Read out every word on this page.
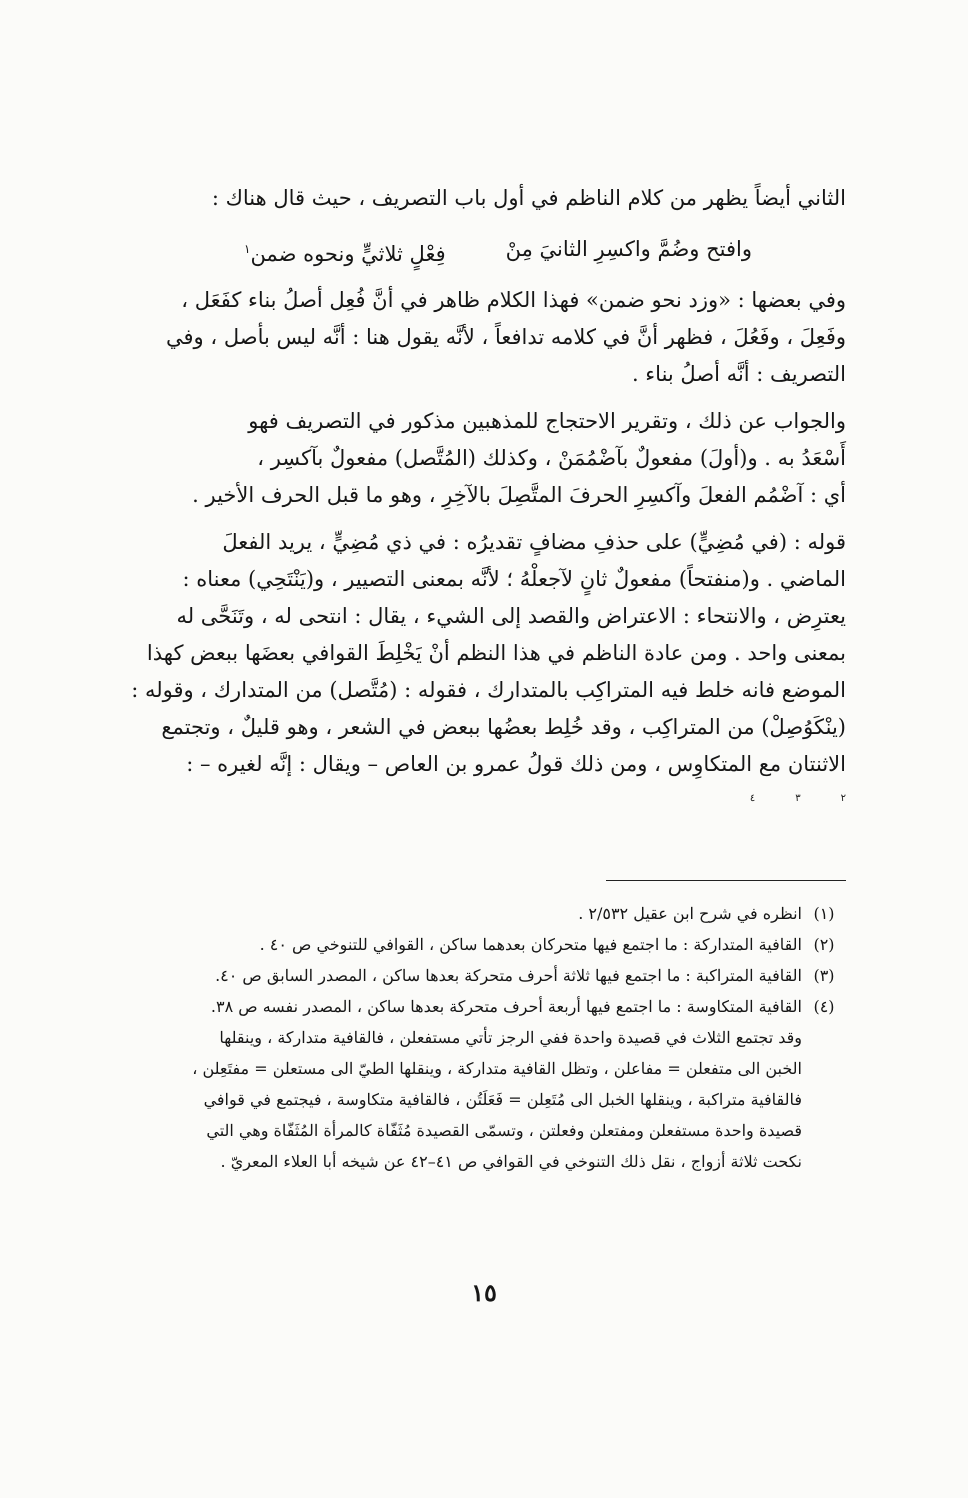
الثاني أيضاً يظهر من كلام الناظم في أول باب التصريف ، حيث قال هناك :

وافتح وضُمَّ واكسِرِ الثانيَ مِنْ
فِعْلٍ ثلاثيٍّ ونحوه ضمن$^١$

وفي بعضها : «وزد نحو ضمن» فهذا الكلام ظاهر في أنَّ فُعِل أصلُ بناء كفَعَل ،
وفَعِلَ ، وفَعُلَ ، فظهر أنَّ في كلامه تدافعاً ، لأنَّه يقول هنا : أنَّه ليس بأصل ، وفي
التصريف : أنَّه أصلُ بناء .

والجواب عن ذلك ، وتقرير الاحتجاج للمذهبين مذكور في التصريف فهو
أَسْعَدُ به . و(أولَ) مفعولٌ بآضْمُمَنْ ، وكذلك (المُتَّصل) مفعولٌ بآكسِر ،
أي : آضْمُم الفعلَ وآكسِرِ الحرفَ المتَّصِلَ بالآخِرِ ، وهو ما قبل الحرف الأخير .

قوله : (في مُضِيٍّ) على حذفِ مضافٍ تقديرُه : في ذي مُضِيٍّ ، يريد الفعلَ
الماضي . و(منفتحاً) مفعولٌ ثانٍ لآجعلْهُ ؛ لأنَّه بمعنى التصيير ، و(يَنْتَحِي) معناه :
يعترِض ، والانتحاء : الاعتراض والقصد إلى الشيء ، يقال : انتحى له ، وتَنَحَّى له
بمعنى واحد . ومن عادة الناظم في هذا النظم أنْ يَخْلِطَ القوافي بعضَها ببعض كهذا
الموضع فانه خلط فيه المتراكِب بالمتدارك ، فقوله : (مُتَّصل) من المتدارك ، وقوله :
(ينْكَوُصِلْ) من المتراكِب ، وقد خُلِط بعضُها ببعض في الشعر ، وهو قليلٌ ، وتجتمع
الاثنتان مع المتكاوِس ، ومن ذلك قولُ عمرو بن العاص – ويقال : إنَّه لغيره – :

٢
٣
٤
(١)
انظره في شرح ابن عقيل ٢/٥٣٢ .
(٢)
القافية المتداركة : ما اجتمع فيها متحركان بعدهما ساكن ، القوافي للتنوخي ص ٤٠ .
(٣)
القافية المتراكبة : ما اجتمع فيها ثلاثة أحرف متحركة بعدها ساكن ، المصدر السابق ص ٤٠.
(٤)
القافية المتكاوسة : ما اجتمع فيها أربعة أحرف متحركة بعدها ساكن ، المصدر نفسه ص ٣٨.
وقد تجتمع الثلاث في قصيدة واحدة ففي الرجز تأتي مستفعلن ، فالقافية متداركة ، وينقلها
الخبن الى متفعلن = مفاعلن ، وتظل القافية متداركة ، وينقلها الطيّ الى مستعلن = مفتَعِلن ،
فالقافية متراكبة ، وينقلها الخبل الى مُتَعِلن = فَعَلَتُن ، فالقافية متكاوسة ، فيجتمع في قوافي
قصيدة واحدة مستفعلن ومفتعلن وفعلتن ، وتسمّى القصيدة مُثَفّاة كالمرأة المُثَفّاة وهي التي
نكحت ثلاثة أزواج ، نقل ذلك التنوخي في القوافي ص ٤١–٤٢ عن شيخه أبا العلاء المعريّ .
١٥
